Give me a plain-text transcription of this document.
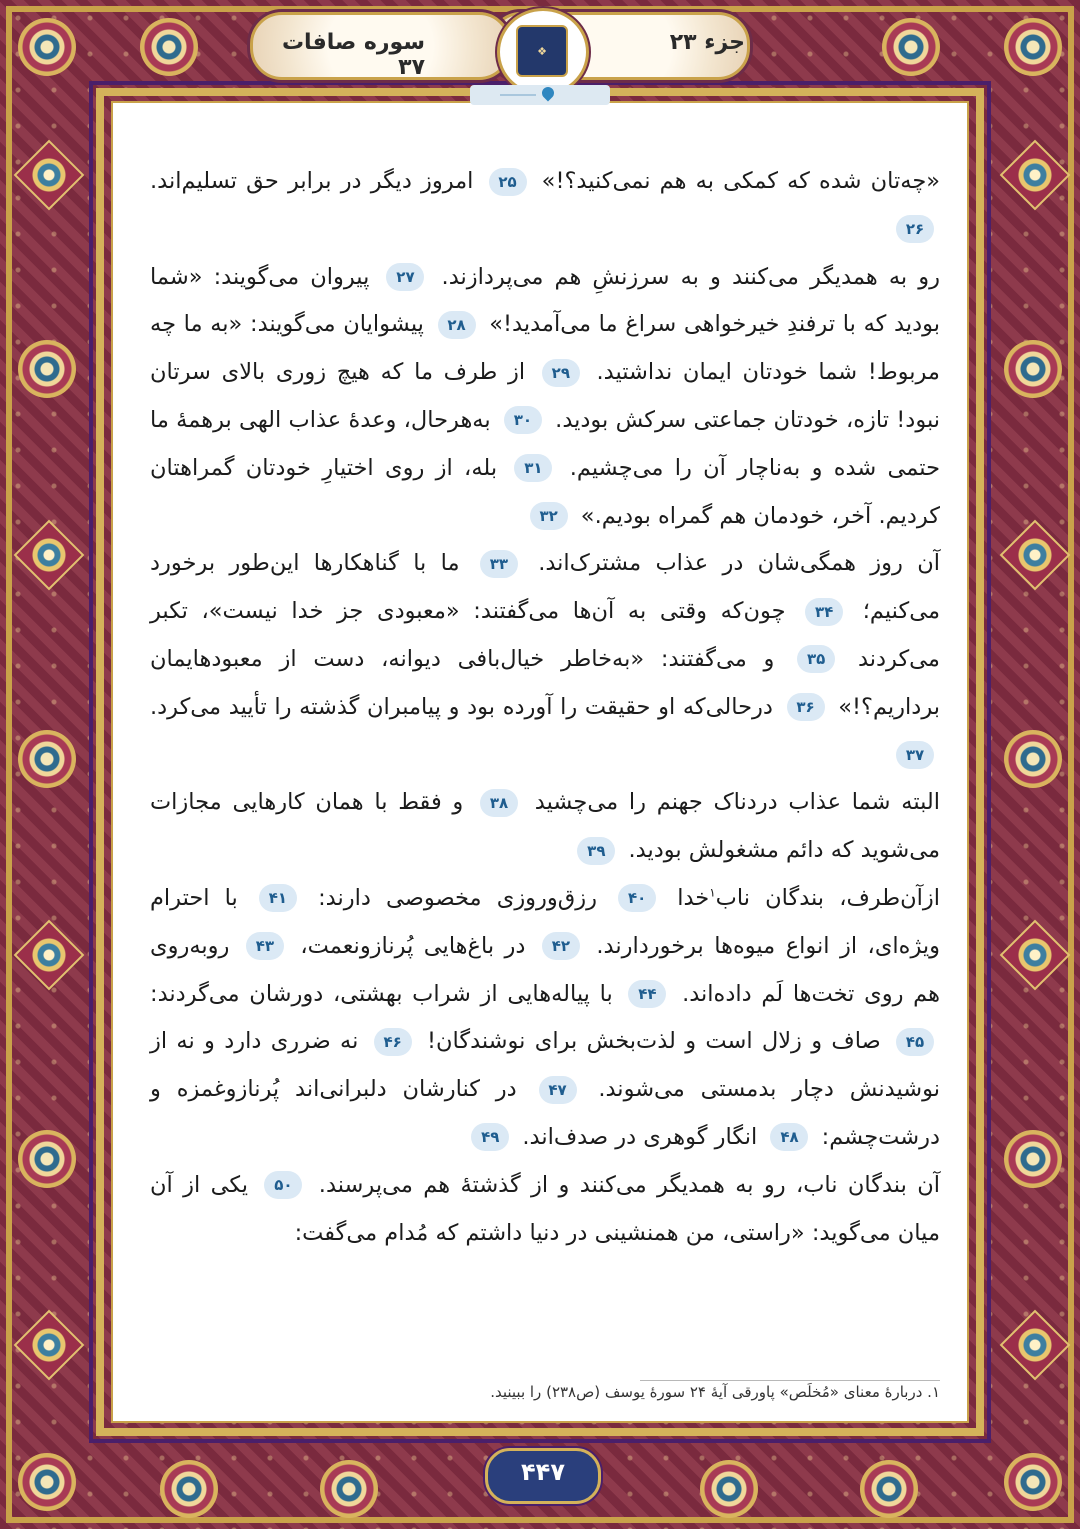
جزء ۲۳
سوره صافات ۳۷
❖

«چه‌تان شده که کمکی به هم نمی‌کنید؟!» ۲۵ امروز دیگر در برابر حق تسلیم‌اند. ۲۶

رو به همدیگر می‌کنند و به سرزنشِ هم می‌پردازند. ۲۷ پیروان می‌گویند: «شما بودید که با ترفندِ خیرخواهی سراغ ما می‌آمدید!» ۲۸ پیشوایان می‌گویند: «به ما چه مربوط! شما خودتان ایمان نداشتید. ۲۹ از طرف ما که هیچ زوری بالای سرتان نبود! تازه، خودتان جماعتی سرکش بودید. ۳۰ به‌هرحال، وعدهٔ عذاب الهی برهمهٔ ما حتمی شده و به‌ناچار آن را می‌چشیم. ۳۱ بله، از روی اختیارِ خودتان گمراهتان کردیم. آخر، خودمان هم گمراه بودیم.» ۳۲

آن روز همگی‌شان در عذاب مشترک‌اند. ۳۳ ما با گناهکارها این‌طور برخورد می‌کنیم؛ ۳۴ چون‌که وقتی به آن‌ها می‌گفتند: «معبودی جز خدا نیست»، تکبر می‌کردند ۳۵ و می‌گفتند: «به‌خاطر خیال‌بافی دیوانه، دست از معبودهایمان برداریم؟!» ۳۶ درحالی‌که او حقیقت را آورده بود و پیامبران گذشته را تأیید می‌کرد. ۳۷

البته شما عذاب دردناک جهنم را می‌چشید ۳۸ و فقط با همان کارهایی مجازات می‌شوید که دائم مشغولش بودید. ۳۹

ازآن‌طرف، بندگان ناب$^۱$خدا ۴۰ رزق‌وروزی مخصوصی دارند: ۴۱ با احترام ویژه‌ای، از انواع میوه‌ها برخوردارند. ۴۲ در باغ‌هایی پُرنازونعمت، ۴۳ روبه‌روی هم روی تخت‌ها لَم داده‌اند. ۴۴ با پیاله‌هایی از شراب بهشتی، دورشان می‌گردند: ۴۵ صاف و زلال است و لذت‌بخش برای نوشندگان! ۴۶ نه ضرری دارد و نه از نوشیدنش دچار بدمستی می‌شوند. ۴۷ در کنارشان دلبرانی‌اند پُرنازوغمزه و درشت‌چشم: ۴۸ انگار گوهری در صدف‌اند. ۴۹

آن بندگان ناب، رو به همدیگر می‌کنند و از گذشتهٔ هم می‌پرسند. ۵۰ یکی از آن میان می‌گوید: «راستی، من همنشینی در دنیا داشتم که مُدام می‌گفت:

۱. دربارهٔ معنای «مُخلَص» پاورقی آیهٔ ۲۴ سورهٔ یوسف (ص۲۳۸) را ببینید.
۴۴۷
